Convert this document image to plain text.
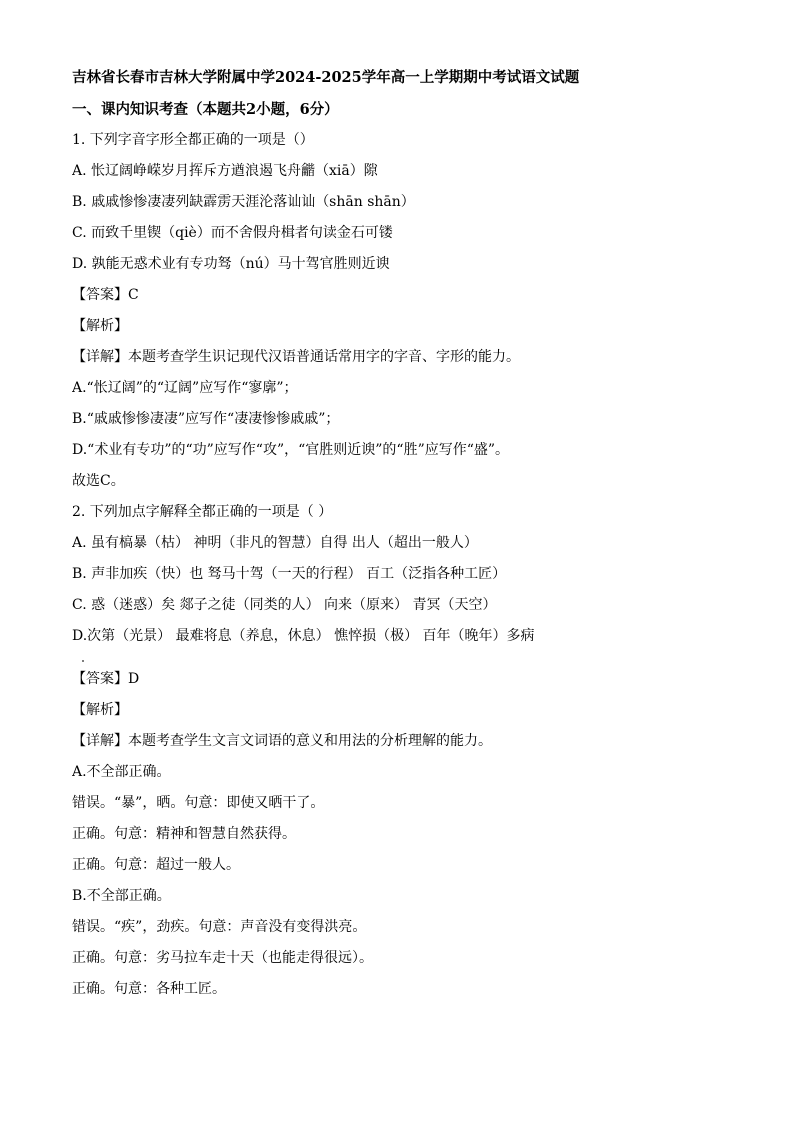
吉林省长春市吉林大学附属中学2024-2025学年高一上学期期中考试语文试题
一、课内知识考查（本题共2小题，6分）
1. 下列字音字形全都正确的一项是（）
A. 怅辽阔峥嵘岁月挥斥方遒浪遏飞舟龤（xiā）隙
B. 戚戚惨惨凄凄列缺霹雳天涯沦落讪讪（shān shān）
C. 而致千里锲（qiè）而不舍假舟楫者句读金石可镂
D. 孰能无惑术业有专功驽（nú）马十驾官胜则近谀
【答案】C
【解析】
【详解】本题考查学生识记现代汉语普通话常用字的字音、字形的能力。
A.“怅辽阔”的“辽阔”应写作“寥廓”；
B.“戚戚惨惨凄凄”应写作“凄凄惨惨戚戚”；
D.“术业有专功”的“功”应写作“攻”，“官胜则近谀”的“胜”应写作“盛”。
故选C。
2. 下列加点字解释全都正确的一项是（ ）
A. 虽有槁暴（枯） 神明（非凡的智慧）自得 出人（超出一般人）
B. 声非加疾（快）也 驽马十驾（一天的行程） 百工（泛指各种工匠）
C. 惑（迷惑）矣 郯子之徒（同类的人） 向来（原来） 青冥（天空）
D.次第（光景） 最难将息（养息，休息） 憔悴损（极） 百年（晚年）多病
【答案】D
【解析】
【详解】本题考查学生文言文词语的意义和用法的分析理解的能力。
A.不全部正确。
错误。“暴”，晒。句意：即使又晒干了。
正确。句意：精神和智慧自然获得。
正确。句意：超过一般人。
B.不全部正确。
错误。“疾”，劲疾。句意：声音没有变得洪亮。
正确。句意：劣马拉车走十天（也能走得很远）。
正确。句意：各种工匠。
